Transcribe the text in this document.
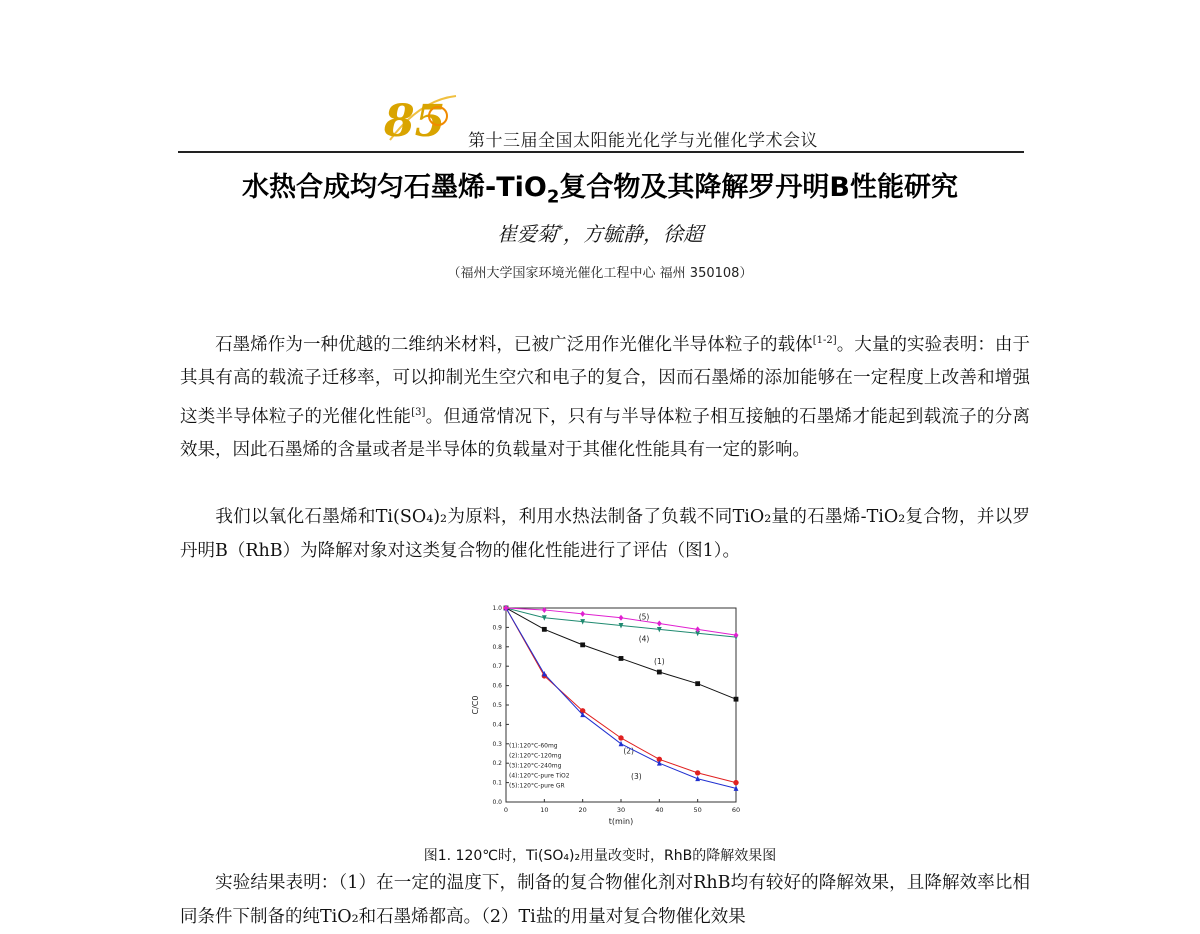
85 第十三届全国太阳能光化学与光催化学术会议
水热合成均匀石墨烯-TiO$_2$复合物及其降解罗丹明B性能研究
崔爱菊*，方毓静，徐超
（福州大学国家环境光催化工程中心 福州 350108）
石墨烯作为一种优越的二维纳米材料，已被广泛用作光催化半导体粒子的载体[1-2]。大量的实验表明：由于其具有高的载流子迁移率，可以抑制光生空穴和电子的复合，因而石墨烯的添加能够在一定程度上改善和增强这类半导体粒子的光催化性能[3]。但通常情况下，只有与半导体粒子相互接触的石墨烯才能起到载流子的分离效果，因此石墨烯的含量或者是半导体的负载量对于其催化性能具有一定的影响。
我们以氧化石墨烯和Ti(SO₄)₂为原料，利用水热法制备了负载不同TiO₂量的石墨烯-TiO₂复合物，并以罗丹明B（RhB）为降解对象对这类复合物的催化性能进行了评估（图1）。
0	10	20	30	40	50	60
0.0
0.1
0.2
0.3
0.4
0.5
0.6
0.7
0.8
0.9
1.0
t(min)
C/C0
(1)
(2)
(3)
(4)
(5)
(1):120°C-60mg
(2):120°C-120mg
(3):120°C-240mg
(4):120°C-pure TiO2
(5):120°C-pure GR
图1. 120℃时，Ti(SO₄)₂用量改变时，RhB的降解效果图
实验结果表明：（1）在一定的温度下，制备的复合物催化剂对RhB均有较好的降解效果，且降解效率比相同条件下制备的纯TiO₂和石墨烯都高。（2）Ti盐的用量对复合物催化效果
